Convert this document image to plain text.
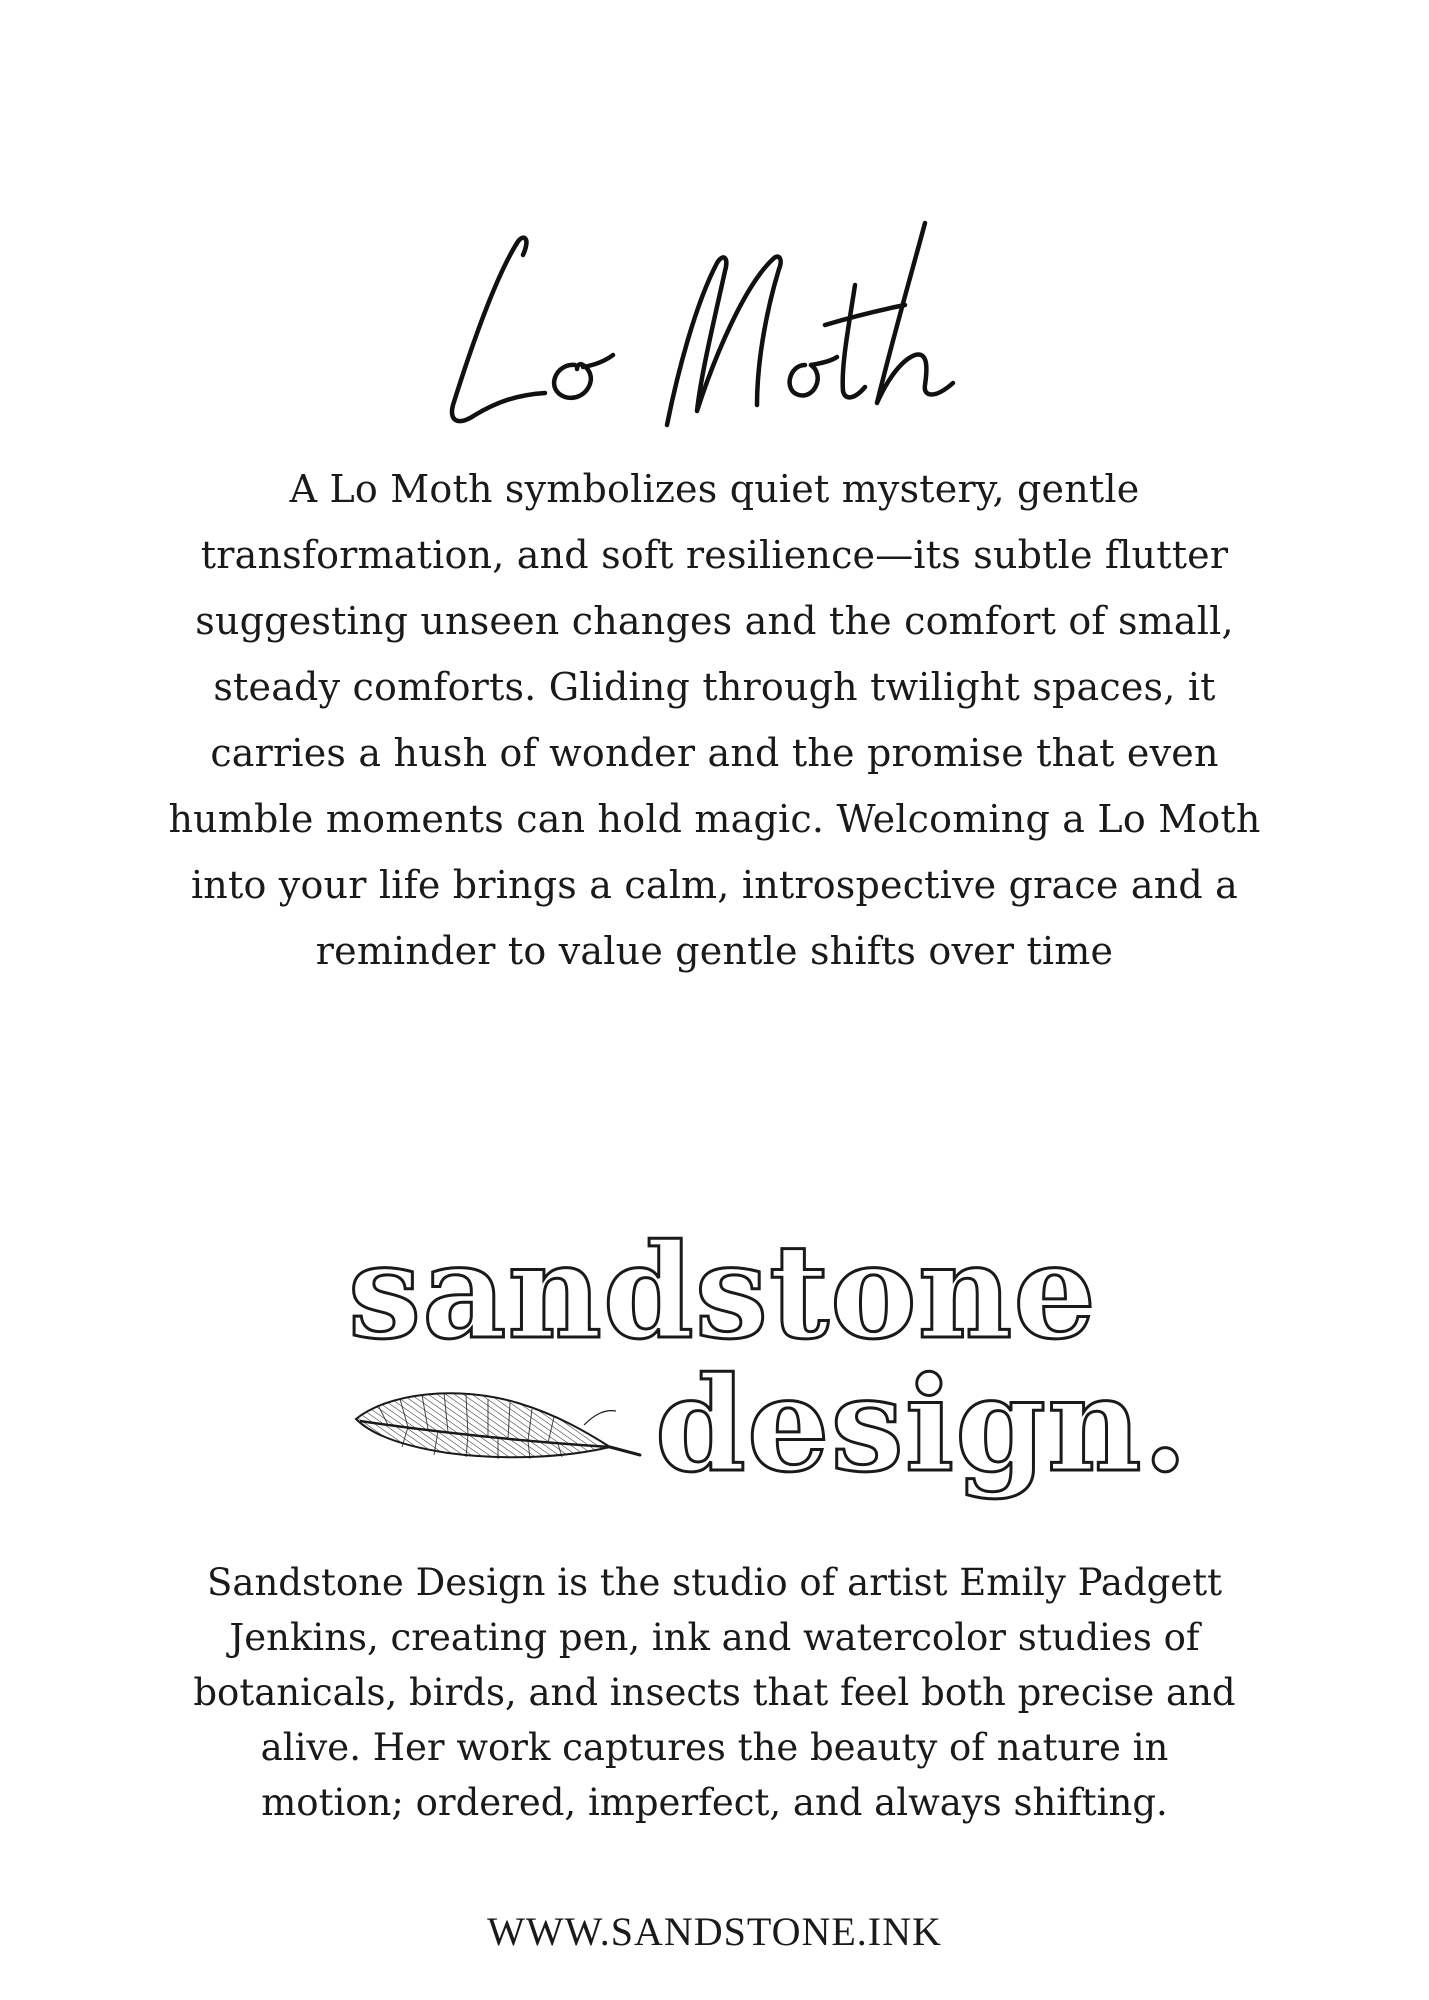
A Lo Moth symbolizes quiet mystery, gentle transformation, and soft resilience—its subtle flutter suggesting unseen changes and the comfort of small, steady comforts. Gliding through twilight spaces, it carries a hush of wonder and the promise that even humble moments can hold magic. Welcoming a Lo Moth into your life brings a calm, introspective grace and a reminder to value gentle shifts over time

sandstone
design.

Sandstone Design is the studio of artist Emily Padgett Jenkins, creating pen, ink and watercolor studies of botanicals, birds, and insects that feel both precise and alive. Her work captures the beauty of nature in motion; ordered, imperfect, and always shifting.

WWW.SANDSTONE.INK
